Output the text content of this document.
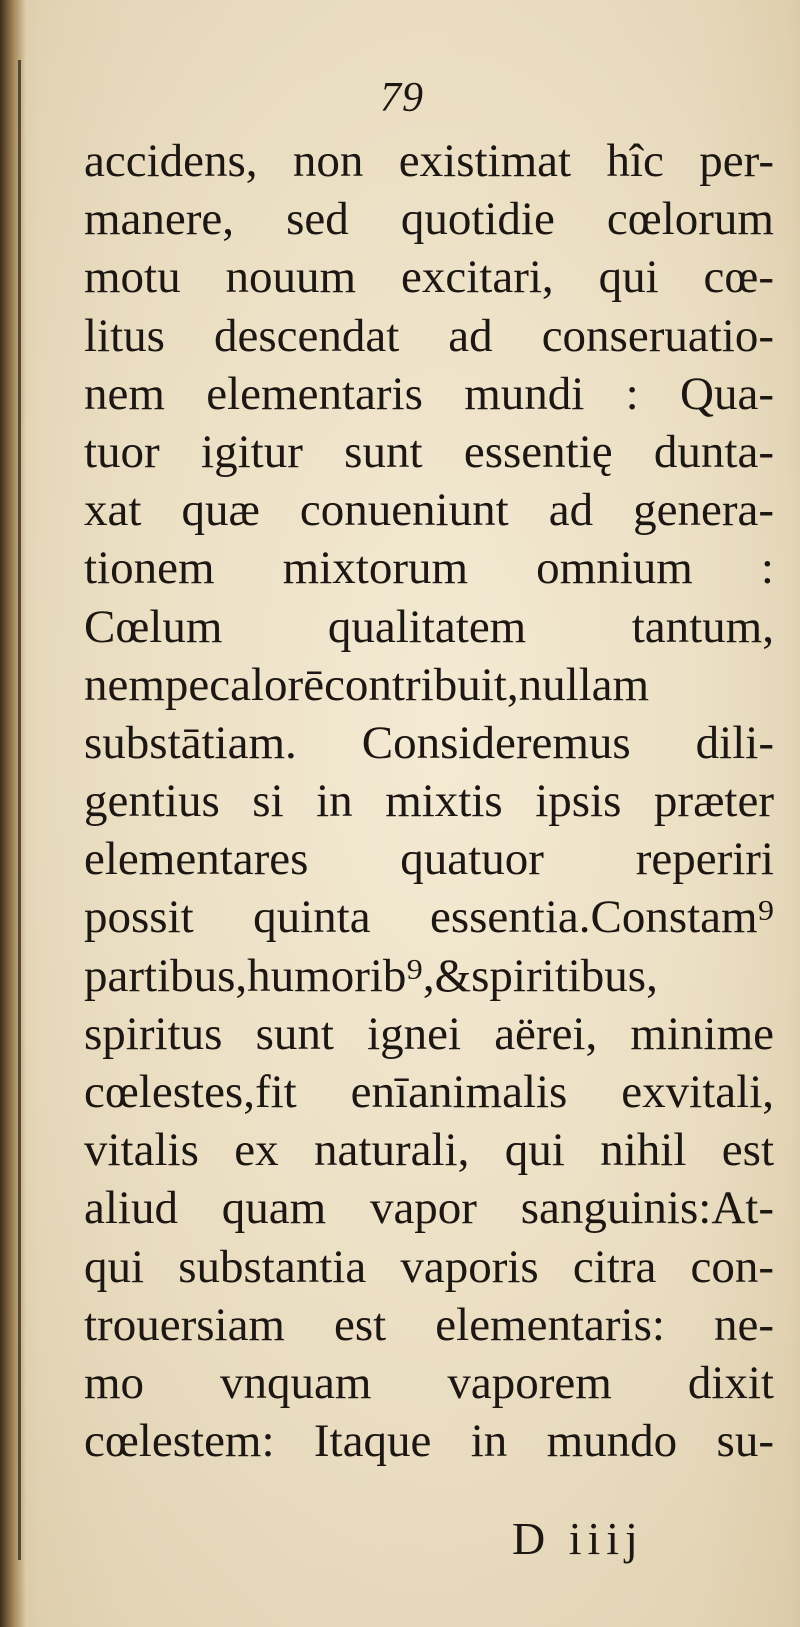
79
accidens, non existimat hîc per-
manere, sed quotidie cœlorum
motu nouum excitari, qui cœ-
litus descendat ad conseruatio-
nem elementaris mundi : Qua-
tuor igitur sunt essentię dunta-
xat quæ conueniunt ad genera-
tionem mixtorum omnium :
Cœlum qualitatem tantum,
nempecalorēcontribuit,nullam
substātiam. Consideremus dili-
gentius si in mixtis ipsis præter
elementares quatuor reperiri
possit quinta essentia.Constam⁹
partibus,humorib⁹,&spiritibus,
spiritus sunt ignei aërei, minime
cœlestes,fit enīanimalis exvitali,
vitalis ex naturali, qui nihil est
aliud quam vapor sanguinis:At-
qui substantia vaporis citra con-
trouersiam est elementaris: ne-
mo vnquam vaporem dixit
cœlestem: Itaque in mundo su-
D iiij
